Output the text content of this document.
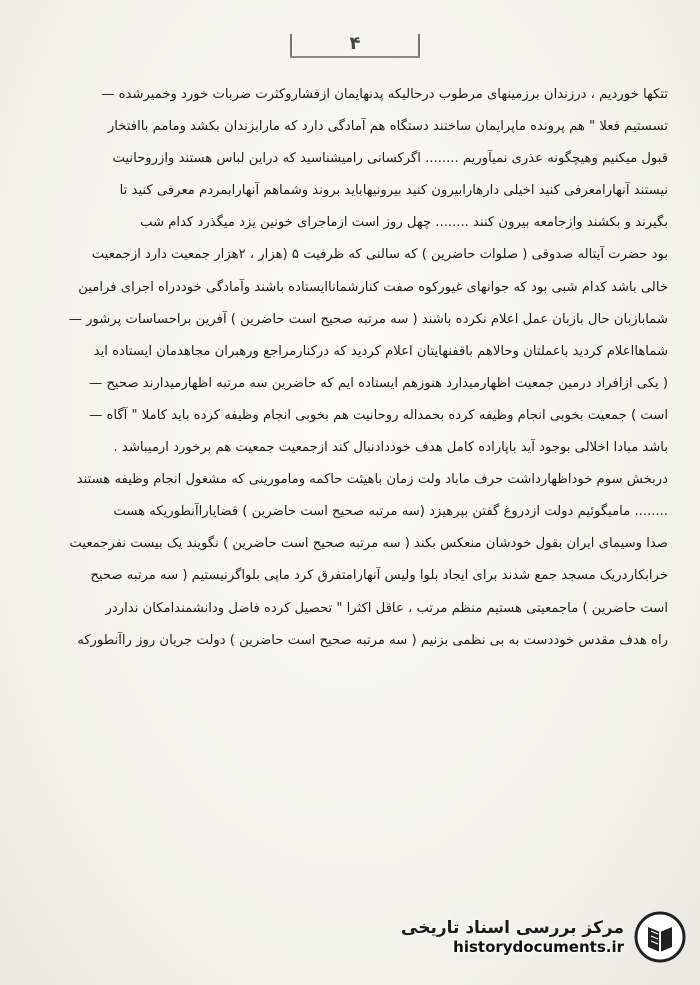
۴
تتکها خوردیم ، درزندان برزمینهای مرطوب درحالیکه پدنهایمان ازفشاروکثرت ضربات خورد وخمیرشده —
تسستیم فعلا " هم پرونده ماپرایمان ساختند دستگاه هم آمادگی دارد که مارابزندان بکشد ومامم باافتخار
قبول میکنیم وهیچگونه عذری نمیآوریم ........ اگرکسانی رامیشناسید که دراین لباس هستند وازروحانیت
نیستند آنهارامعرفی کنید اخیلی دارهارابیرون کنید بیرونیهاباید بروند وشماهم آنهارابمردم معرفی کنید تا
بگیرند و بکشند وازجامعه بیرون کنند ........ چهل روز است ازماجرای خونین یزد میگذرد کدام شب
بود حضرت آیتاله صدوقی ( صلوات حاضرین ) که سالنی که ظرفیت ۵ (هزار ، ۲هزار جمعیت دارد ازجمعیت
خالی باشد کدام شبی بود که جوانهای غیورکوه صفت کنارشماناایستاده باشند وآمادگی خوددراه اجرای فرامین
شمابازبان حال بازبان عمل اعلام نکرده باشند ( سه مرتبه صحیح است حاضرین ) آفرین براحساسات پرشور —
شماهااعلام کردید باعملتان وحالاهم باقفنهایتان اعلام کردید که درکنارمراجع ورهبران مجاهدمان ایستاده اید
( یکی ازافراد درمین جمعیت اظهارمیدارد هنوزهم ایستاده ایم که حاضرین سه مرتبه اظهارمیدارند صحیح —
است ) جمعیت بخوبی انجام وظیفه کرده بحمداله روحانیت هم بخوبی انجام وظیفه کرده باید کاملا " آگاه —
باشد مبادا اخلالی بوجود آید باپاراده کامل هدف خوددادنبال کند ازجمعیت جمعیت هم برخورد ارمیباشد .
دربخش سوم خوداظهارداشت حرف ماباد ولت زمان باهیئت حاکمه ومامورینی که مشغول انجام وظیفه هستند
........ مامیگوئیم دولت ازدروغ گفتن بپرهیزد (سه مرتبه صحیح است حاضرین ) قضایاراآنطوریکه هست
صدا وسیمای ایران بقول خودشان منعکس بکند ( سه مرتبه صحیح است حاضرین ) نگویند یک بیست نفرجمعیت
خرابکاردریک مسجد جمع شدند برای ایجاد بلوا ولیس آنهارامتفرق کرد ماپی بلواگرنیستیم ( سه مرتبه صحیح
است حاضرین ) ماجمعیتی هستیم منظم مرتب ، عاقل اکثرا " تحصیل کرده فاضل ودانشمندامکان نداردر
راه هدف مقدس خوددست به بی نظمی بزنیم ( سه مرتبه صحیح است حاضرین ) دولت جریان روز راآنطورکه
مرکز بررسی اسناد تاریخی
historydocuments.ir
